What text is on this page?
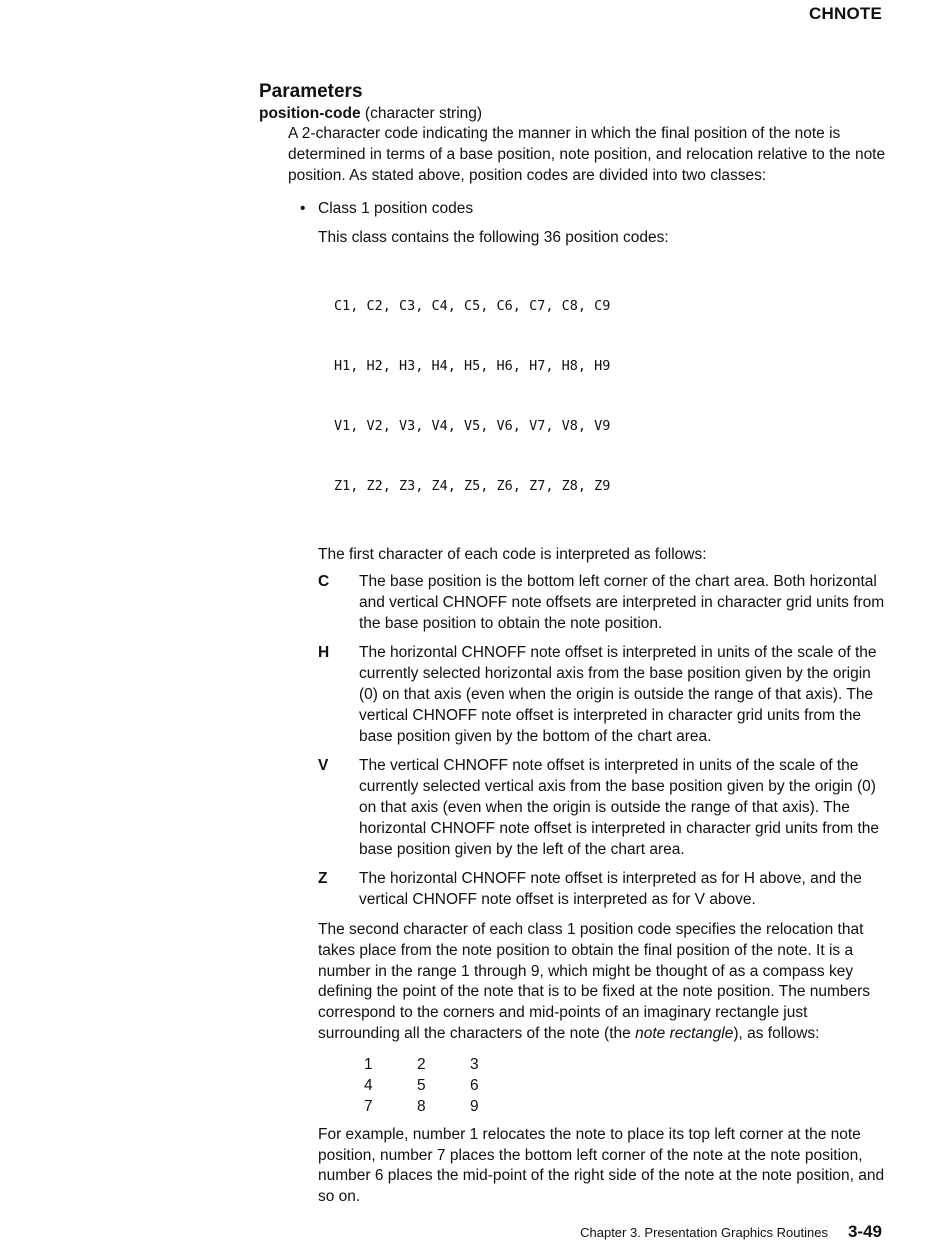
CHNOTE
Parameters
position-code (character string)

A 2-character code indicating the manner in which the final position of the note is determined in terms of a base position, note position, and relocation relative to the note position. As stated above, position codes are divided into two classes:

• Class 1 position codes

This class contains the following 36 position codes:

C1, C2, C3, C4, C5, C6, C7, C8, C9

H1, H2, H3, H4, H5, H6, H7, H8, H9

V1, V2, V3, V4, V5, V6, V7, V8, V9

Z1, Z2, Z3, Z4, Z5, Z6, Z7, Z8, Z9

The first character of each code is interpreted as follows:

C	The base position is the bottom left corner of the chart area. Both horizontal and vertical CHNOFF note offsets are interpreted in character grid units from the base position to obtain the note position.

H	The horizontal CHNOFF note offset is interpreted in units of the scale of the currently selected horizontal axis from the base position given by the origin (0) on that axis (even when the origin is outside the range of that axis). The vertical CHNOFF note offset is interpreted in character grid units from the base position given by the bottom of the chart area.

V	The vertical CHNOFF note offset is interpreted in units of the scale of the currently selected vertical axis from the base position given by the origin (0) on that axis (even when the origin is outside the range of that axis). The horizontal CHNOFF note offset is interpreted in character grid units from the base position given by the left of the chart area.

Z	The horizontal CHNOFF note offset is interpreted as for H above, and the vertical CHNOFF note offset is interpreted as for V above.

The second character of each class 1 position code specifies the relocation that takes place from the note position to obtain the final position of the note. It is a number in the range 1 through 9, which might be thought of as a compass key defining the point of the note that is to be fixed at the note position. The numbers correspond to the corners and mid-points of an imaginary rectangle just surrounding all the characters of the note (the note rectangle), as follows:

1	2	3
4	5	6
7	8	9

For example, number 1 relocates the note to place its top left corner at the note position, number 7 places the bottom left corner of the note at the note position, number 6 places the mid-point of the right side of the note at the note position, and so on.

Chapter 3. Presentation Graphics Routines 3-49
